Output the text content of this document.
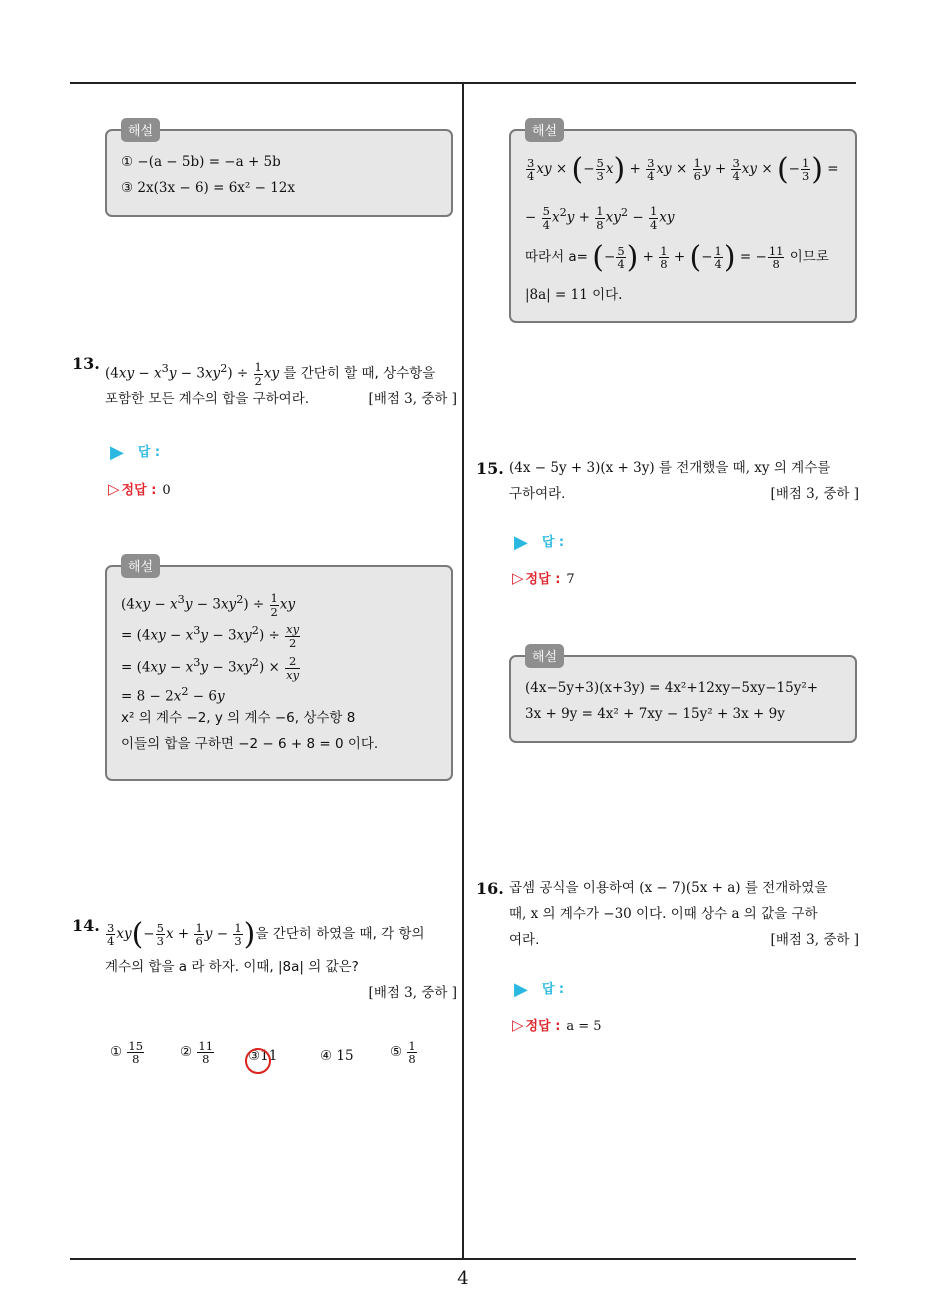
4
해설
① −(a − 5b) = −a + 5b
③ 2x(3x − 6) = 6x² − 12x
13.
$(4xy - x^3y - 3xy^2) \div \frac{1}{2}$ xy 를 간단히 할 때, 상수항을
포함한 모든 계수의 합을 구하여라.	[배점 3, 중하 ]
▶ 답 :
▷ 정답 : 0
해설
$(4xy - x^3y - 3xy^2) \div \frac{1}{2}$ xy
= $(4xy - x^3y - 3xy^2) \div \frac{xy}{2}$
= $(4xy - x^3y - 3xy^2) \times \frac{2}{xy}$
= $8 - 2x^2 - 6y$
x² 의 계수 −2, y 의 계수 −6, 상수항 8
이들의 합을 구하면 −2 − 6 + 8 = 0 이다.
14. $\frac{3}{4} xy(- \frac{5}{3}$ $x + \frac{1}{6}$ $y - \frac{1}{3}$ )을 간단히 하였을 때, 각 항의
계수의 합을 a 라 하자. 이때, |8a| 의 값은?
[배점 3, 중하 ]
① $\frac{15}{8}$	② $\frac{11}{8}$	③11	④ 15	⑤ $\frac{1}{8}$
해설
$\frac{3}{4}$ xy × (− $\frac{5}{3} x) + \frac{3}{4}$ xy × $\frac{1}{6}$ $y + \frac{3}{4}$ xy × (− $\frac{1}{3}$ ) =
− $\frac{5}{4} x^2y + \frac{1}{8} xy^2 - \frac{1}{4}$ xy
따라서 a= (− $\frac{5}{4}$ ) + $\frac{1}{8}$ + (− $\frac{1}{4}$ ) = − $\frac{11}{8}$ 이므로
|8a| = 11 이다.
15. (4x − 5y + 3)(x + 3y) 를 전개했을 때, xy 의 계수를
구하여라.	[배점 3, 중하 ]
▶ 답 :
▷ 정답 : 7
해설
(4x−5y+3)(x+3y) = 4x²+12xy−5xy−15y²+
3x + 9y = 4x² + 7xy − 15y² + 3x + 9y
16. 곱셈 공식을 이용하여 (x − 7)(5x + a) 를 전개하였을
때, x 의 계수가 −30 이다. 이때 상수 a 의 값을 구하
여라.	[배점 3, 중하 ]
▶ 답 :
▷ 정답 : a = 5
